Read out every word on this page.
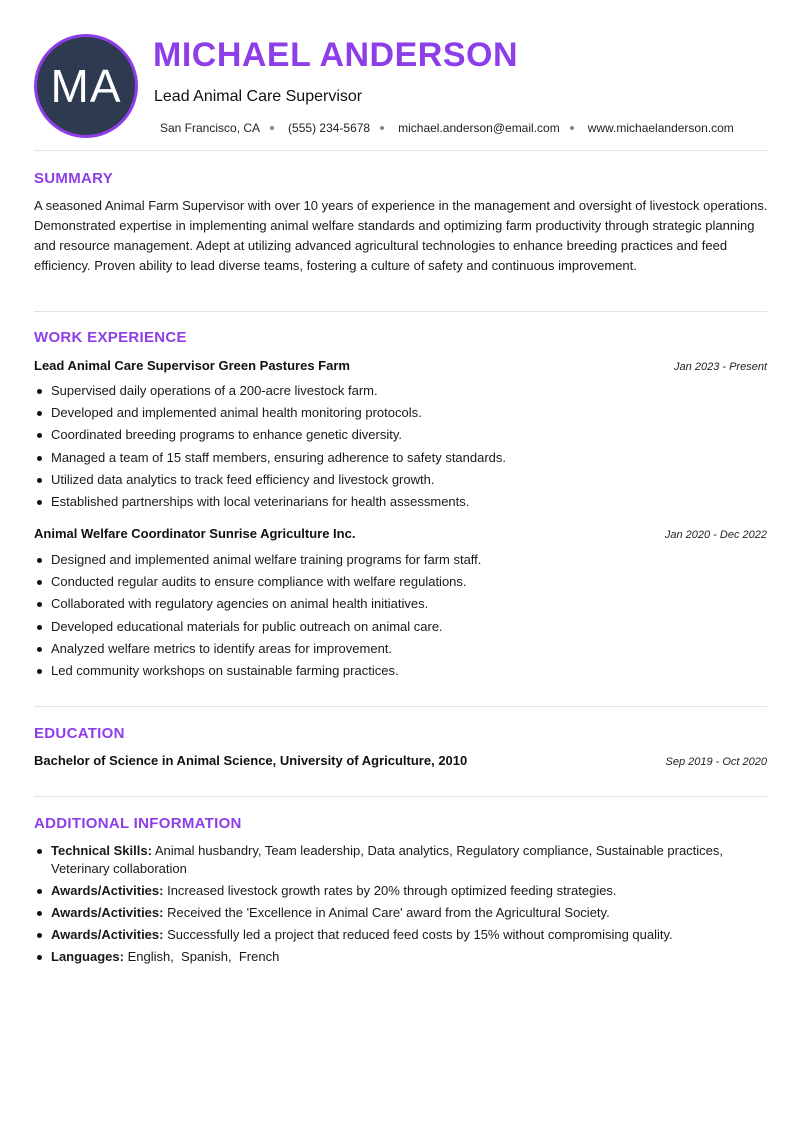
MA
MICHAEL ANDERSON
Lead Animal Care Supervisor
San Francisco, CA (555) 234-5678 michael.anderson@email.com www.michaelanderson.com
SUMMARY

A seasoned Animal Farm Supervisor with over 10 years of experience in the management and oversight of livestock operations. Demonstrated expertise in implementing animal welfare standards and optimizing farm productivity through strategic planning and resource management. Adept at utilizing advanced agricultural technologies to enhance breeding practices and feed efficiency. Proven ability to lead diverse teams, fostering a culture of safety and continuous improvement.

WORK EXPERIENCE
Lead Animal Care Supervisor Green Pastures Farm	Jan 2023 - Present
Supervised daily operations of a 200-acre livestock farm.
Developed and implemented animal health monitoring protocols.
Coordinated breeding programs to enhance genetic diversity.
Managed a team of 15 staff members, ensuring adherence to safety standards.
Utilized data analytics to track feed efficiency and livestock growth.
Established partnerships with local veterinarians for health assessments.
Animal Welfare Coordinator Sunrise Agriculture Inc.	Jan 2020 - Dec 2022
Designed and implemented animal welfare training programs for farm staff.
Conducted regular audits to ensure compliance with welfare regulations.
Collaborated with regulatory agencies on animal health initiatives.
Developed educational materials for public outreach on animal care.
Analyzed welfare metrics to identify areas for improvement.
Led community workshops on sustainable farming practices.
EDUCATION
Bachelor of Science in Animal Science, University of Agriculture, 2010	Sep 2019 - Oct 2020
ADDITIONAL INFORMATION
Technical Skills: Animal husbandry, Team leadership, Data analytics, Regulatory compliance, Sustainable practices, Veterinary collaboration
Awards/Activities: Increased livestock growth rates by 20% through optimized feeding strategies.
Awards/Activities: Received the 'Excellence in Animal Care' award from the Agricultural Society.
Awards/Activities: Successfully led a project that reduced feed costs by 15% without compromising quality.
Languages: English,  Spanish,  French
